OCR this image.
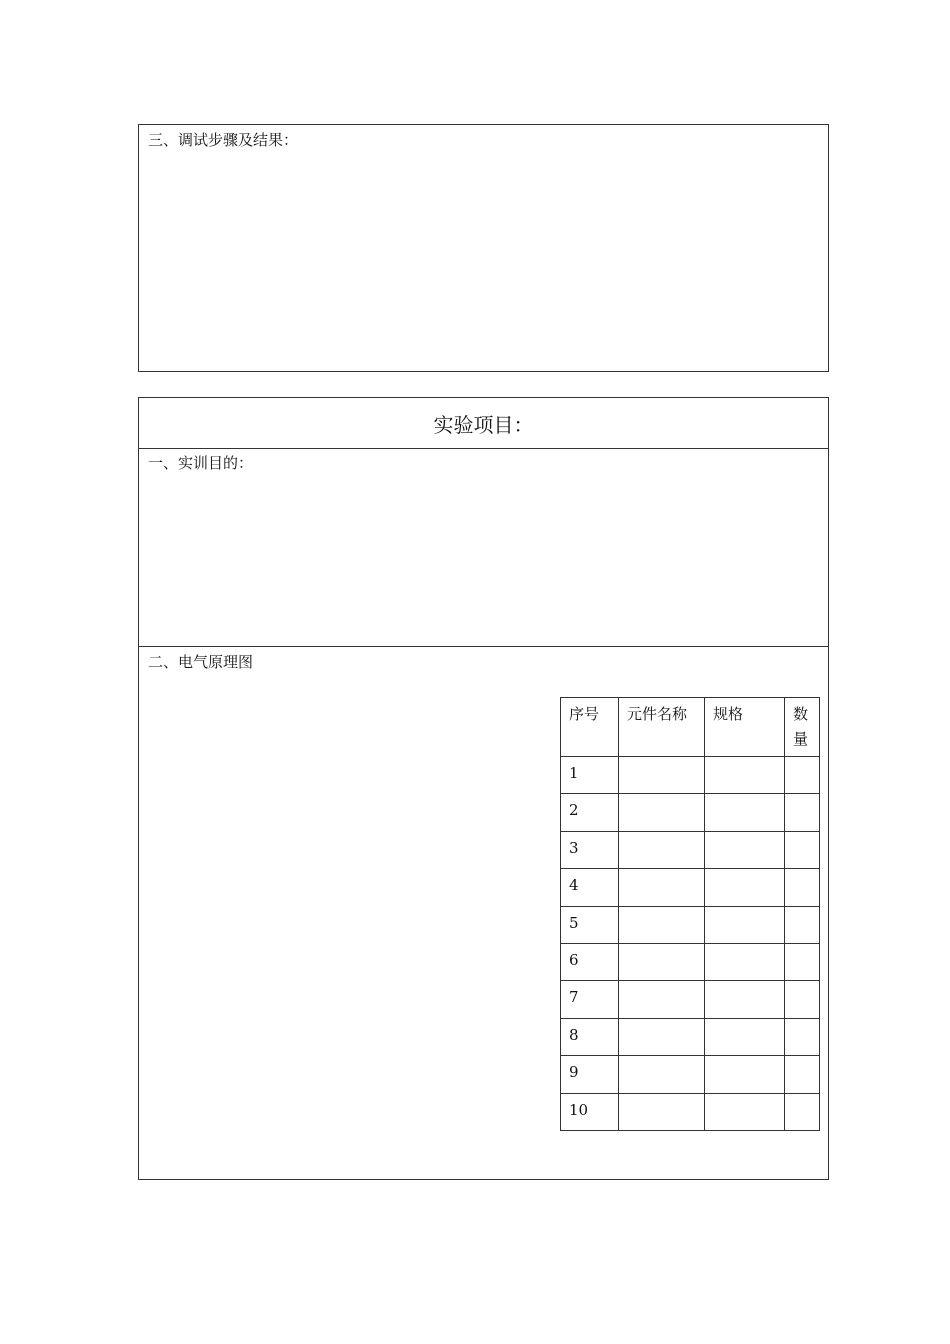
三、调试步骤及结果：
实验项目：
一、实训目的：
二、电气原理图
序号	元件名称	规格	数量

1			
2			
3			
4			
5			
6			
7			
8			
9			
10			
